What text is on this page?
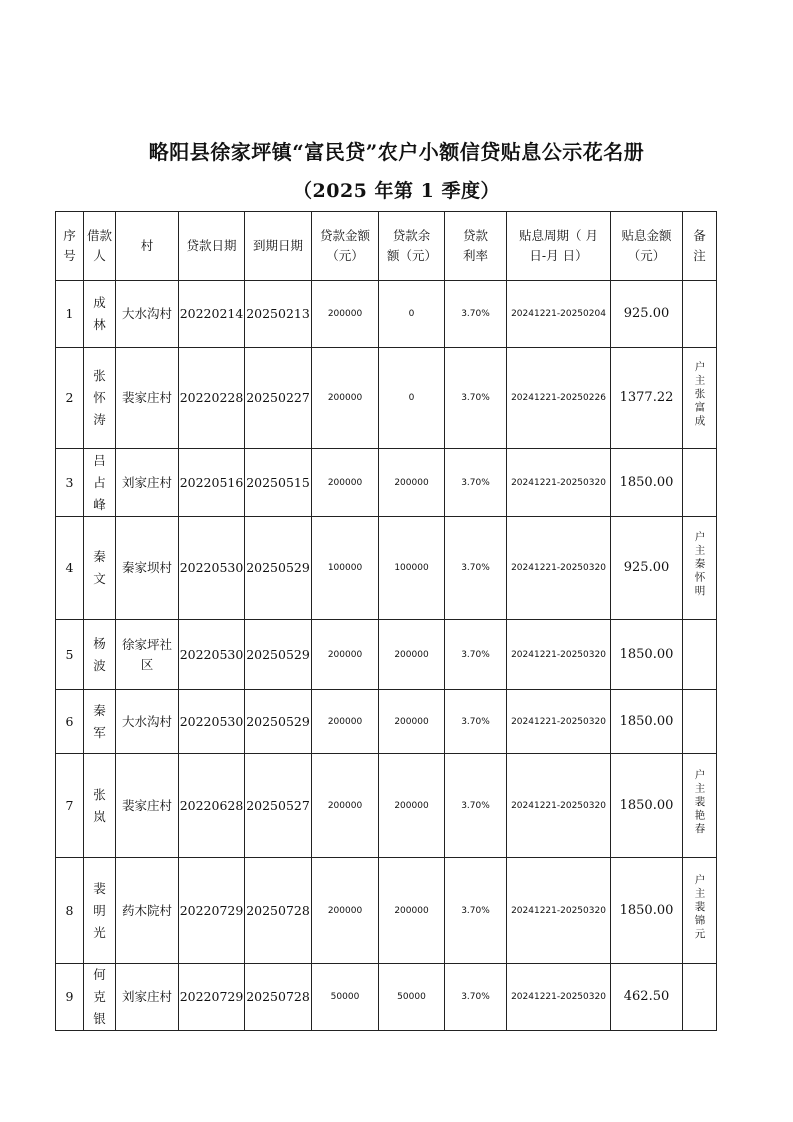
略阳县徐家坪镇“富民贷”农户小额信贷贴息公示花名册
（2025 年第 1 季度）
序号	借款人	村	贷款日期	到期日期	贷款金额（元）	贷款余额（元）	贷款利率	贴息周期（ 月 日-月 日）	贴息金额（元）	备注
1	成林	大水沟村	20220214	20250213	200000	0	3.70%	20241221-20250204	925.00	
2	张怀涛	裴家庄村	20220228	20250227	200000	0	3.70%	20241221-20250226	1377.22	户主张富成
3	吕占峰	刘家庄村	20220516	20250515	200000	200000	3.70%	20241221-20250320	1850.00	
4	秦文	秦家坝村	20220530	20250529	100000	100000	3.70%	20241221-20250320	925.00	户主秦怀明
5	杨波	徐家坪社区	20220530	20250529	200000	200000	3.70%	20241221-20250320	1850.00	
6	秦军	大水沟村	20220530	20250529	200000	200000	3.70%	20241221-20250320	1850.00	
7	张岚	裴家庄村	20220628	20250527	200000	200000	3.70%	20241221-20250320	1850.00	户主裴艳春
8	裴明光	药木院村	20220729	20250728	200000	200000	3.70%	20241221-20250320	1850.00	户主裴锦元
9	何克银	刘家庄村	20220729	20250728	50000	50000	3.70%	20241221-20250320	462.50	
